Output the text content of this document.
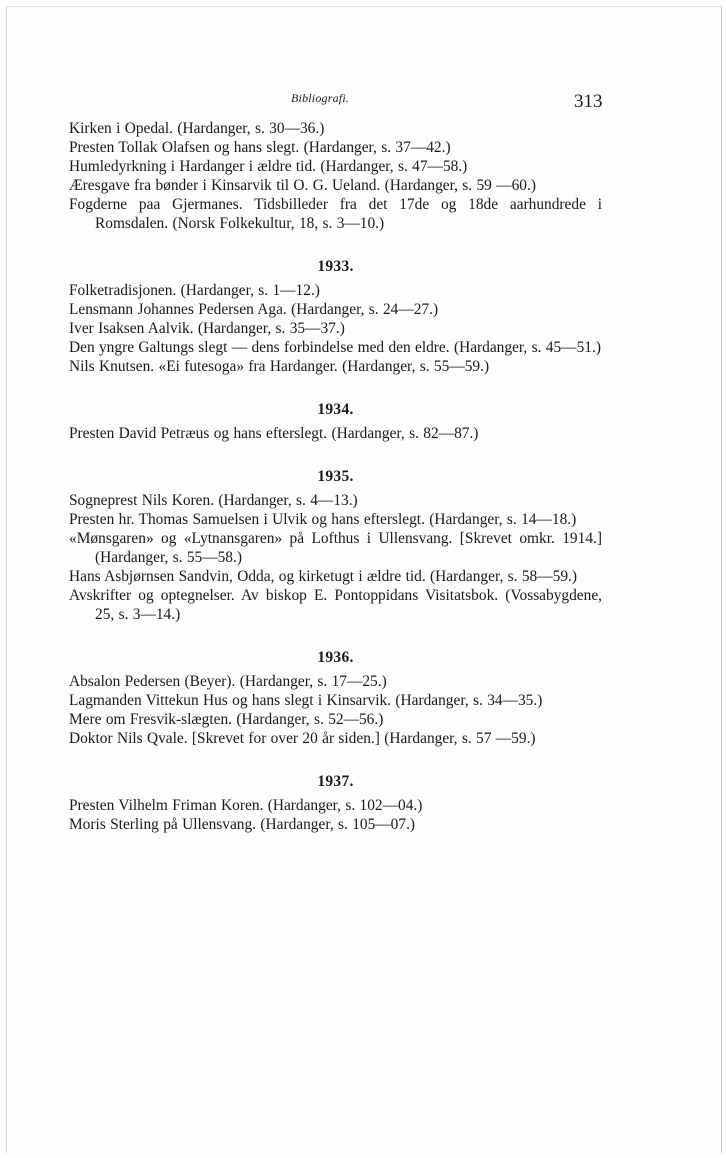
Bibliografi.	313

Kirken i Opedal. (Hardanger, s. 30—36.)

Presten Tollak Olafsen og hans slegt. (Hardanger, s. 37—42.)

Humledyrkning i Hardanger i ældre tid. (Hardanger, s. 47—58.)

Æresgave fra bønder i Kinsarvik til O. G. Ueland. (Hardanger, s. 59 —60.)

Fogderne paa Gjermanes. Tidsbilleder fra det 17de og 18de aarhundrede i Romsdalen. (Norsk Folkekultur, 18, s. 3—10.)

1933.

Folketradisjonen. (Hardanger, s. 1—12.)

Lensmann Johannes Pedersen Aga. (Hardanger, s. 24—27.)

Iver Isaksen Aalvik. (Hardanger, s. 35—37.)

Den yngre Galtungs slegt — dens forbindelse med den eldre. (Hardanger, s. 45—51.)

Nils Knutsen. «Ei futesoga» fra Hardanger. (Hardanger, s. 55—59.)

1934.

Presten David Petræus og hans efterslegt. (Hardanger, s. 82—87.)

1935.

Sogneprest Nils Koren. (Hardanger, s. 4—13.)

Presten hr. Thomas Samuelsen i Ulvik og hans efterslegt. (Hardanger, s. 14—18.)

«Mønsgaren» og «Lytnansgaren» på Lofthus i Ullensvang. [Skrevet omkr. 1914.] (Hardanger, s. 55—58.)

Hans Asbjørnsen Sandvin, Odda, og kirketugt i ældre tid. (Hardanger, s. 58—59.)

Avskrifter og optegnelser. Av biskop E. Pontoppidans Visitatsbok. (Vossabygdene, 25, s. 3—14.)

1936.

Absalon Pedersen (Beyer). (Hardanger, s. 17—25.)

Lagmanden Vittekun Hus og hans slegt i Kinsarvik. (Hardanger, s. 34—35.)

Mere om Fresvik-slægten. (Hardanger, s. 52—56.)

Doktor Nils Qvale. [Skrevet for over 20 år siden.] (Hardanger, s. 57 —59.)

1937.

Presten Vilhelm Friman Koren. (Hardanger, s. 102—04.)

Moris Sterling på Ullensvang. (Hardanger, s. 105—07.)
